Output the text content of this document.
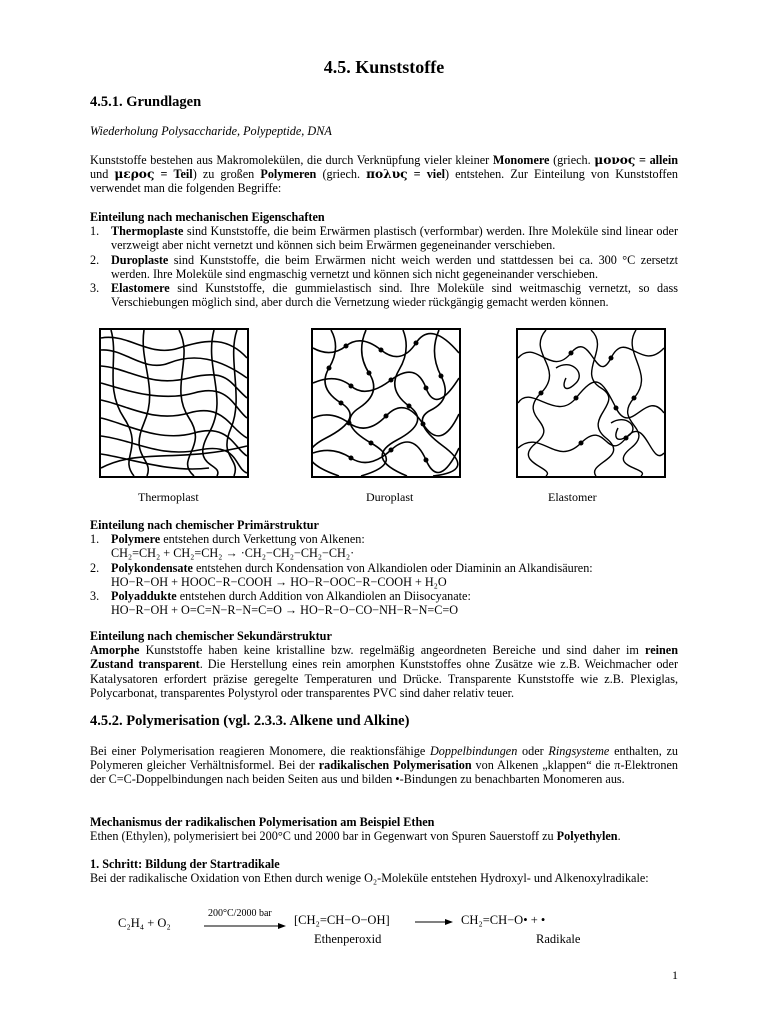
4.5. Kunststoffe
4.5.1. Grundlagen

Wiederholung Polysaccharide, Polypeptide, DNA

Kunststoffe bestehen aus Makromolekülen, die durch Verknüpfung vieler kleiner Monomere (griech. μονος = allein und μερος = Teil) zu großen Polymeren (griech. πολυς = viel) entstehen. Zur Einteilung von Kunststoffen verwendet man die folgenden Begriffe:

Einteilung nach mechanischen Eigenschaften
1. Thermoplaste sind Kunststoffe, die beim Erwärmen plastisch (verformbar) werden. Ihre Moleküle sind linear oder verzweigt aber nicht vernetzt und können sich beim Erwärmen gegeneinander verschieben.
2. Duroplaste sind Kunststoffe, die beim Erwärmen nicht weich werden und stattdessen bei ca. 300 °C zersetzt werden. Ihre Moleküle sind engmaschig vernetzt und können sich nicht gegeneinander verschieben.
3. Elastomere sind Kunststoffe, die gummielastisch sind. Ihre Moleküle sind weitmaschig vernetzt, so dass Verschiebungen möglich sind, aber durch die Vernetzung wieder rückgängig gemacht werden können.
Thermoplast	Duroplast	Elastomer
Einteilung nach chemischer Primärstruktur
1. Polymere entstehen durch Verkettung von Alkenen:
CH₂=CH₂ + CH₂=CH₂ → ·CH₂−CH₂−CH₂−CH₂·
2. Polykondensate entstehen durch Kondensation von Alkandiolen oder Diaminin an Alkandisäuren:
HO−R−OH + HOOC−R−COOH → HO−R−OOC−R−COOH + H₂O
3. Polyaddukte entstehen durch Addition von Alkandiolen an Diisocyanate:
HO−R−OH + O=C=N−R−N=C=O → HO−R−O−CO−NH−R−N=C=O
Einteilung nach chemischer Sekundärstruktur
Amorphe Kunststoffe haben keine kristalline bzw. regelmäßig angeordneten Bereiche und sind daher im reinen Zustand transparent. Die Herstellung eines rein amorphen Kunststoffes ohne Zusätze wie z.B. Weichmacher oder Katalysatoren erfordert präzise geregelte Temperaturen und Drücke. Transparente Kunststoffe wie z.B. Plexiglas, Polycarbonat, transparentes Polystyrol oder transparentes PVC sind daher relativ teuer.
4.5.2. Polymerisation (vgl. 2.3.3. Alkene und Alkine)

Bei einer Polymerisation reagieren Monomere, die reaktionsfähige Doppelbindungen oder Ringsysteme enthalten, zu Polymeren gleicher Verhältnisformel. Bei der radikalischen Polymerisation von Alkenen „klappen“ die π-Elektronen der C=C-Doppelbindungen nach beiden Seiten aus und bilden •-Bindungen zu benachbarten Monomeren aus.

Mechanismus der radikalischen Polymerisation am Beispiel Ethen
Ethen (Ethylen), polymerisiert bei 200°C und 2000 bar in Gegenwart von Spuren Sauerstoff zu Polyethylen.
1. Schritt: Bildung der Startradikale
Bei der radikalische Oxidation von Ethen durch wenige O₂-Moleküle entstehen Hydroxyl- und Alkenoxylradikale:
C₂H₄ + O₂
200°C/2000 bar [CH₂=CH−O−OH]
Ethenperoxid
CH₂=CH−O• + •
Radikale
1
